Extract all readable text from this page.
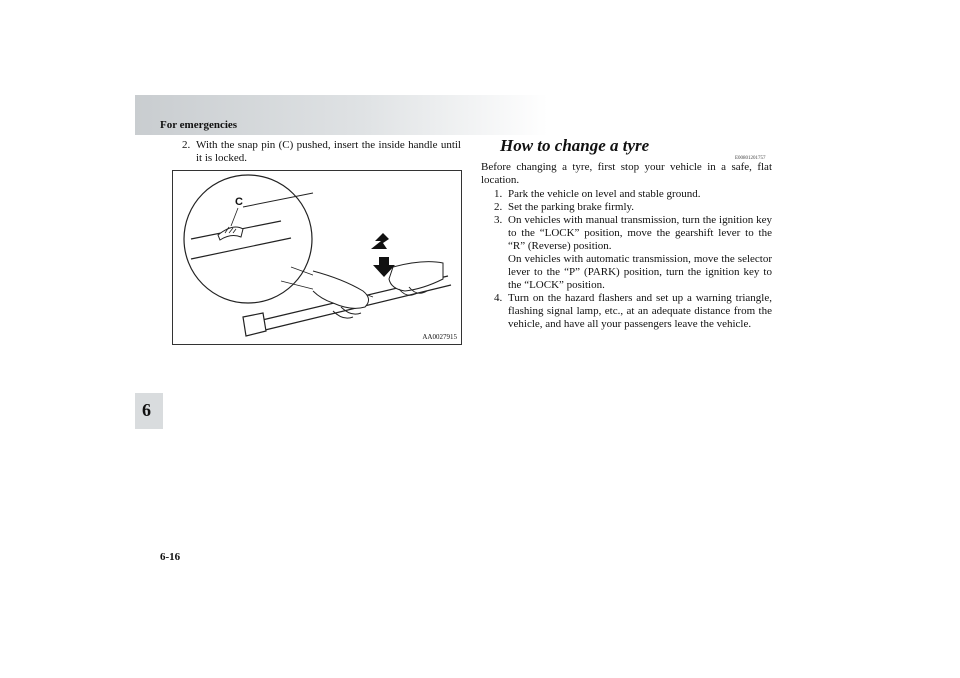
For emergencies
6
2. With the snap pin (C) pushed, insert the inside handle until it is locked.
C
AA0027915
How to change a tyre
E00801201757
Before changing a tyre, first stop your vehicle in a safe, flat location.
1. Park the vehicle on level and stable ground.
2. Set the parking brake firmly.
3. On vehicles with manual transmission, turn the ignition key to the “LOCK” position, move the gearshift lever to the “R” (Reverse) position.
On vehicles with automatic transmission, move the selector lever to the “P” (PARK) position, turn the ignition key to the “LOCK” position.
4. Turn on the hazard flashers and set up a warning triangle, flashing signal lamp, etc., at an adequate distance from the vehicle, and have all your passengers leave the vehicle.
6-16
